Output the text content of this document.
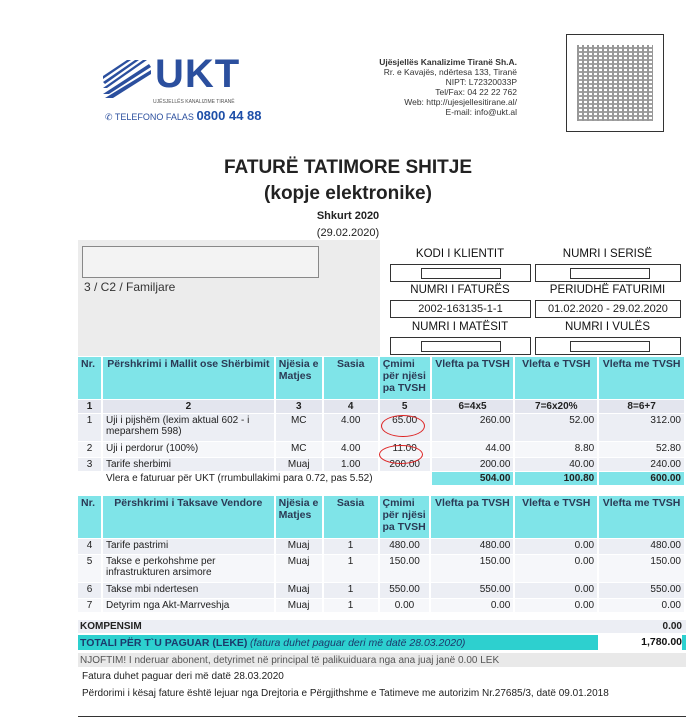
UKT
UJËSJELLËS KANALIZIME TIRANË
✆ TELEFONO FALAS 0800 44 88
Ujësjellës Kanalizime Tiranë Sh.A.
Rr. e Kavajës, ndërtesa 133, Tiranë
NIPT: L72320033P
Tel/Fax: 04 22 22 762
Web: http://ujesjellesitirane.al/
E-mail: info@ukt.al
FATURË TATIMORE SHITJE
(kopje elektronike)
Shkurt 2020
(29.02.2020)
3 / C2 / Familjare
KODI I KLIENTIT	NUMRI I SERISË
NUMRI I FATURËS	PERIUDHË FATURIMI
2002-163135-1-1	01.02.2020 - 29.02.2020
NUMRI I MATËSIT	NUMRI I VULËS
Nr.	Përshkrimi i Mallit ose Shërbimit	Njësia e Matjes	Sasia	Çmimi për njësi pa TVSH	Vlefta pa TVSH	Vlefta e TVSH	Vlefta me TVSH
1	2	3	4	5	6=4x5	7=6x20%	8=6+7
1	Uji i pijshëm (lexim aktual 602 - i meparshem 598)	MC	4.00	65.00	260.00	52.00	312.00
2	Uji i perdorur (100%)	MC	4.00	11.00	44.00	8.80	52.80
3	Tarife sherbimi	Muaj	1.00	200.00	200.00	40.00	240.00
	Vlera e faturuar për UKT (rrumbullakimi para 0.72, pas 5.52)				504.00	100.80	600.00
Nr.	Përshkrimi i Taksave Vendore	Njësia e Matjes	Sasia	Çmimi për njësi pa TVSH	Vlefta pa TVSH	Vlefta e TVSH	Vlefta me TVSH
4	Tarife pastrimi	Muaj	1	480.00	480.00	0.00	480.00
5	Takse e perkohshme per infrastrukturen arsimore	Muaj	1	150.00	150.00	0.00	150.00
6	Takse mbi ndertesen	Muaj	1	550.00	550.00	0.00	550.00
7	Detyrim nga Akt-Marrveshja	Muaj	1	0.00	0.00	0.00	0.00
KOMPENSIM	0.00
TOTALI PËR T`U PAGUAR (LEKE) (fatura duhet paguar deri më datë 28.03.2020)	1,780.00
NJOFTIM! I nderuar abonent, detyrimet në principal të palikuiduara nga ana juaj janë 0.00 LEK
Fatura duhet paguar deri më datë 28.03.2020
Përdorimi i kësaj fature është lejuar nga Drejtoria e Përgjithshme e Tatimeve me autorizim Nr.27685/3, datë 09.01.2018
